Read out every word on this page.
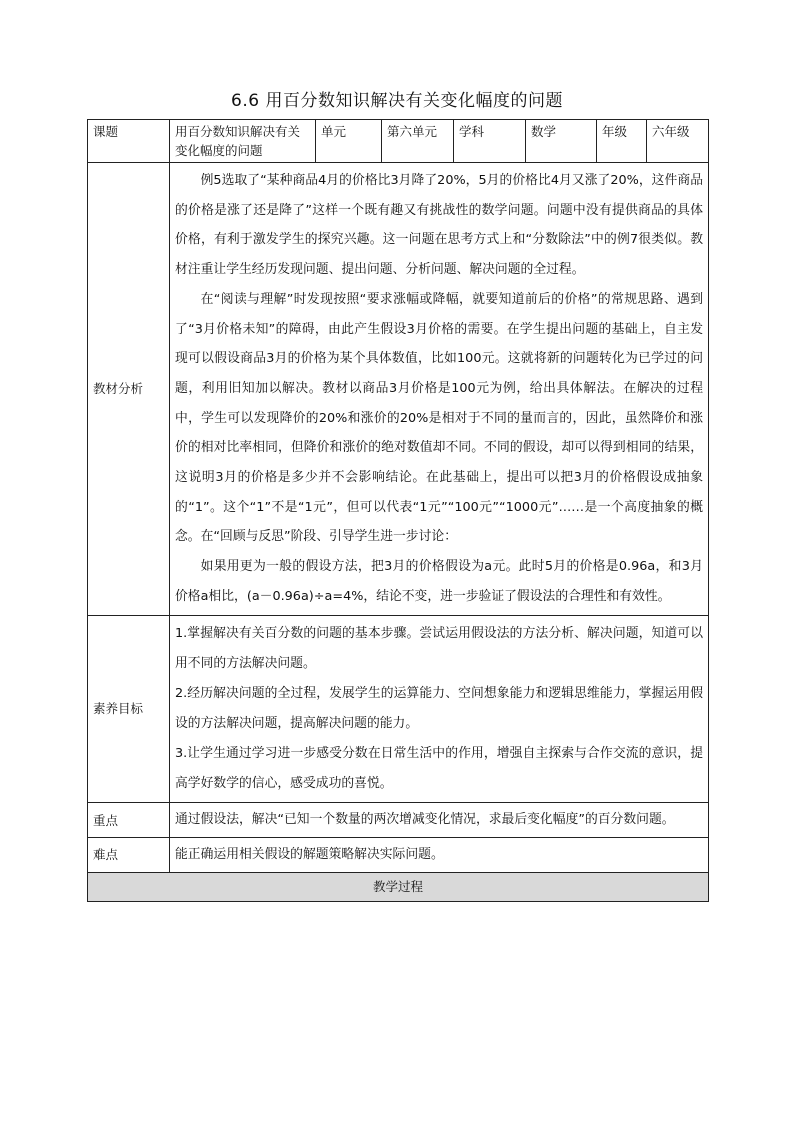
6.6 用百分数知识解决有关变化幅度的问题
课题	用百分数知识解决有关变化幅度的问题	单元	第六单元	学科	数学	年级	六年级
教材分析	例5选取了“某种商品4月的价格比3月降了20%，5月的价格比4月又涨了20%，这件商品的价格是涨了还是降了”这样一个既有趣又有挑战性的数学问题。问题中没有提供商品的具体价格，有利于激发学生的探究兴趣。这一问题在思考方式上和“分数除法”中的例7很类似。教材注重让学生经历发现问题、提出问题、分析问题、解决问题的全过程。

在“阅读与理解”时发现按照“要求涨幅或降幅，就要知道前后的价格”的常规思路、遇到了“3月价格未知”的障碍，由此产生假设3月价格的需要。在学生提出问题的基础上，自主发现可以假设商品3月的价格为某个具体数值，比如100元。这就将新的问题转化为已学过的问题，利用旧知加以解决。教材以商品3月价格是100元为例，给出具体解法。在解决的过程中，学生可以发现降价的20%和涨价的20%是相对于不同的量而言的，因此，虽然降价和涨价的相对比率相同，但降价和涨价的绝对数值却不同。不同的假设，却可以得到相同的结果，这说明3月的价格是多少并不会影响结论。在此基础上，提出可以把3月的价格假设成抽象的“1”。这个“1”不是“1元”，但可以代表“1元”“100元”“1000元”……是一个高度抽象的概念。在“回顾与反思”阶段、引导学生进一步讨论：

如果用更为一般的假设方法，把3月的价格假设为a元。此时5月的价格是0.96a，和3月价格a相比，(a－0.96a)÷a=4%，结论不变，进一步验证了假设法的合理性和有效性。						

素养目标	1.掌握解决有关百分数的问题的基本步骤。尝试运用假设法的方法分析、解决问题，知道可以用不同的方法解决问题。

2.经历解决问题的全过程，发展学生的运算能力、空间想象能力和逻辑思维能力，掌握运用假设的方法解决问题，提高解决问题的能力。

3.让学生通过学习进一步感受分数在日常生活中的作用，增强自主探索与合作交流的意识，提高学好数学的信心，感受成功的喜悦。						

重点	通过假设法，解决“已知一个数量的两次增减变化情况，求最后变化幅度”的百分数问题。						

难点	能正确运用相关假设的解题策略解决实际问题。						

教学过程							
